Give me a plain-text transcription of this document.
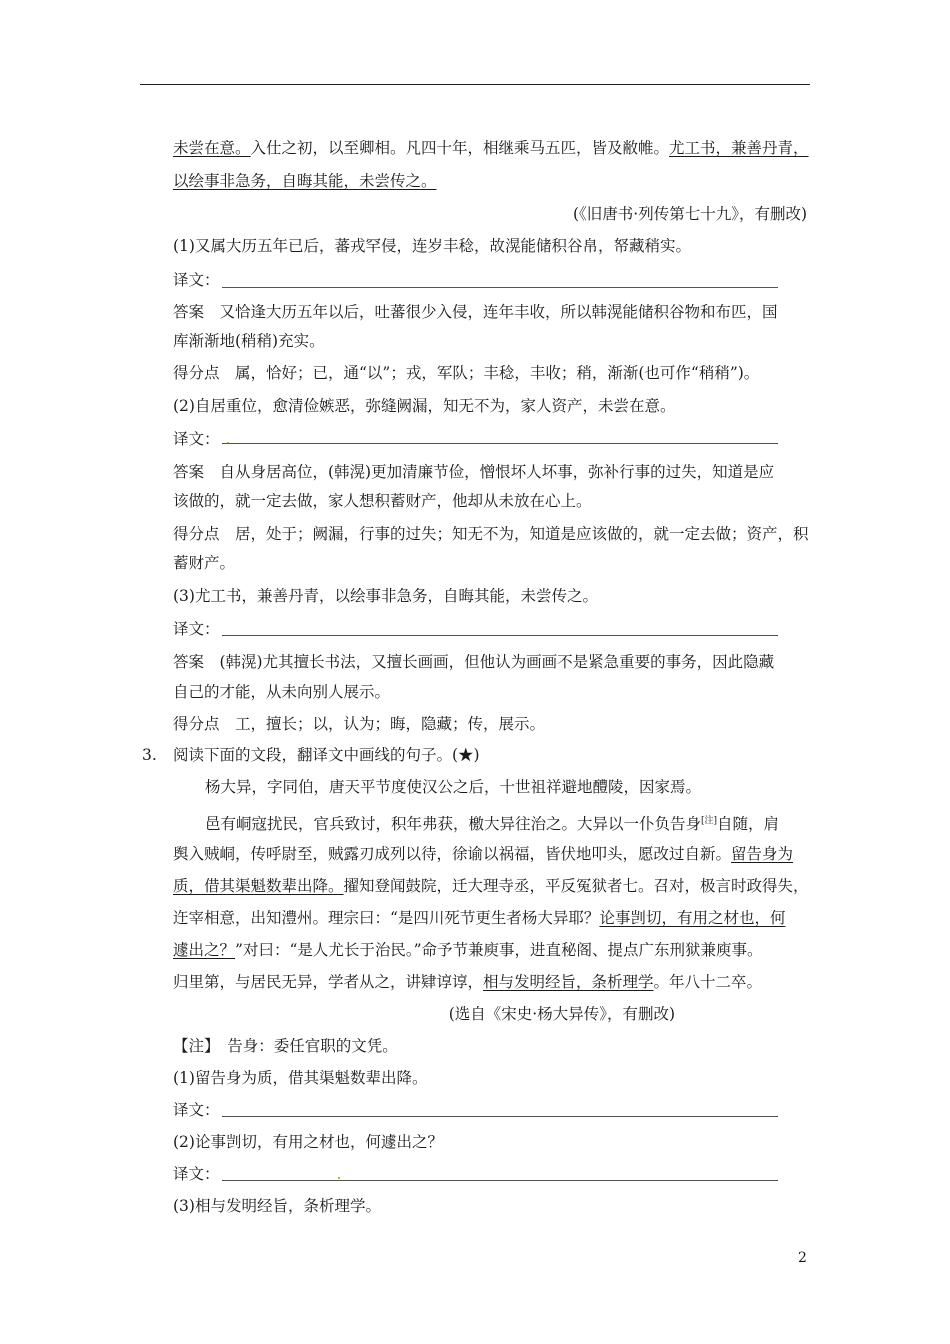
未尝在意。入仕之初，以至卿相。凡四十年，相继乘马五匹，皆及敝帷。尤工书，兼善丹青，
以绘事非急务，自晦其能，未尝传之。
(《旧唐书·列传第七十九》，有删改)
(1)又属大历五年已后，蕃戎罕侵，连岁丰稔，故滉能储积谷帛，帑藏稍实。
译文：
答案　又恰逢大历五年以后，吐蕃很少入侵，连年丰收，所以韩滉能储积谷物和布匹，国
库渐渐地(稍稍)充实。
得分点　属，恰好；已，通“以”；戎，军队；丰稔，丰收；稍，渐渐(也可作“稍稍”)。
(2)自居重位，愈清俭嫉恶，弥缝阙漏，知无不为，家人资产，未尝在意。
译文： .
答案　自从身居高位，(韩滉)更加清廉节俭，憎恨坏人坏事，弥补行事的过失，知道是应
该做的，就一定去做，家人想积蓄财产，他却从未放在心上。
得分点　居，处于；阙漏，行事的过失；知无不为，知道是应该做的，就一定去做；资产，积
蓄财产。
(3)尤工书，兼善丹青，以绘事非急务，自晦其能，未尝传之。
译文：
答案　(韩滉)尤其擅长书法，又擅长画画，但他认为画画不是紧急重要的事务，因此隐藏
自己的才能，从未向别人展示。
得分点　工，擅长；以，认为；晦，隐藏；传，展示。
3. 阅读下面的文段，翻译文中画线的句子。(★)
杨大异，字同伯，唐天平节度使汉公之后，十世祖祥避地醴陵，因家焉。
邑有峒寇扰民，官兵致讨，积年弗获，檄大异往治之。大异以一仆负告身[注]自随，肩
舆入贼峒，传呼尉至，贼露刃成列以待，徐谕以祸福，皆伏地叩头，愿改过自新。留告身为
质，借其渠魁数辈出降。擢知登闻鼓院，迁大理寺丞，平反冤狱者七。召对，极言时政得失，
迕宰相意，出知澧州。理宗曰：“是四川死节更生者杨大异耶？论事剀切，有用之材也，何
遽出之？”对曰：“是人尤长于治民。”命予节兼庾事，进直秘阁、提点广东刑狱兼庾事。
归里第，与居民无异，学者从之，讲肄谆谆，相与发明经旨，条析理学。年八十二卒。
(选自《宋史·杨大异传》，有删改)
【注】　告身：委任官职的文凭。
(1)留告身为质，借其渠魁数辈出降。
译文：
(2)论事剀切，有用之材也，何遽出之？
译文：	.
(3)相与发明经旨，条析理学。
2
